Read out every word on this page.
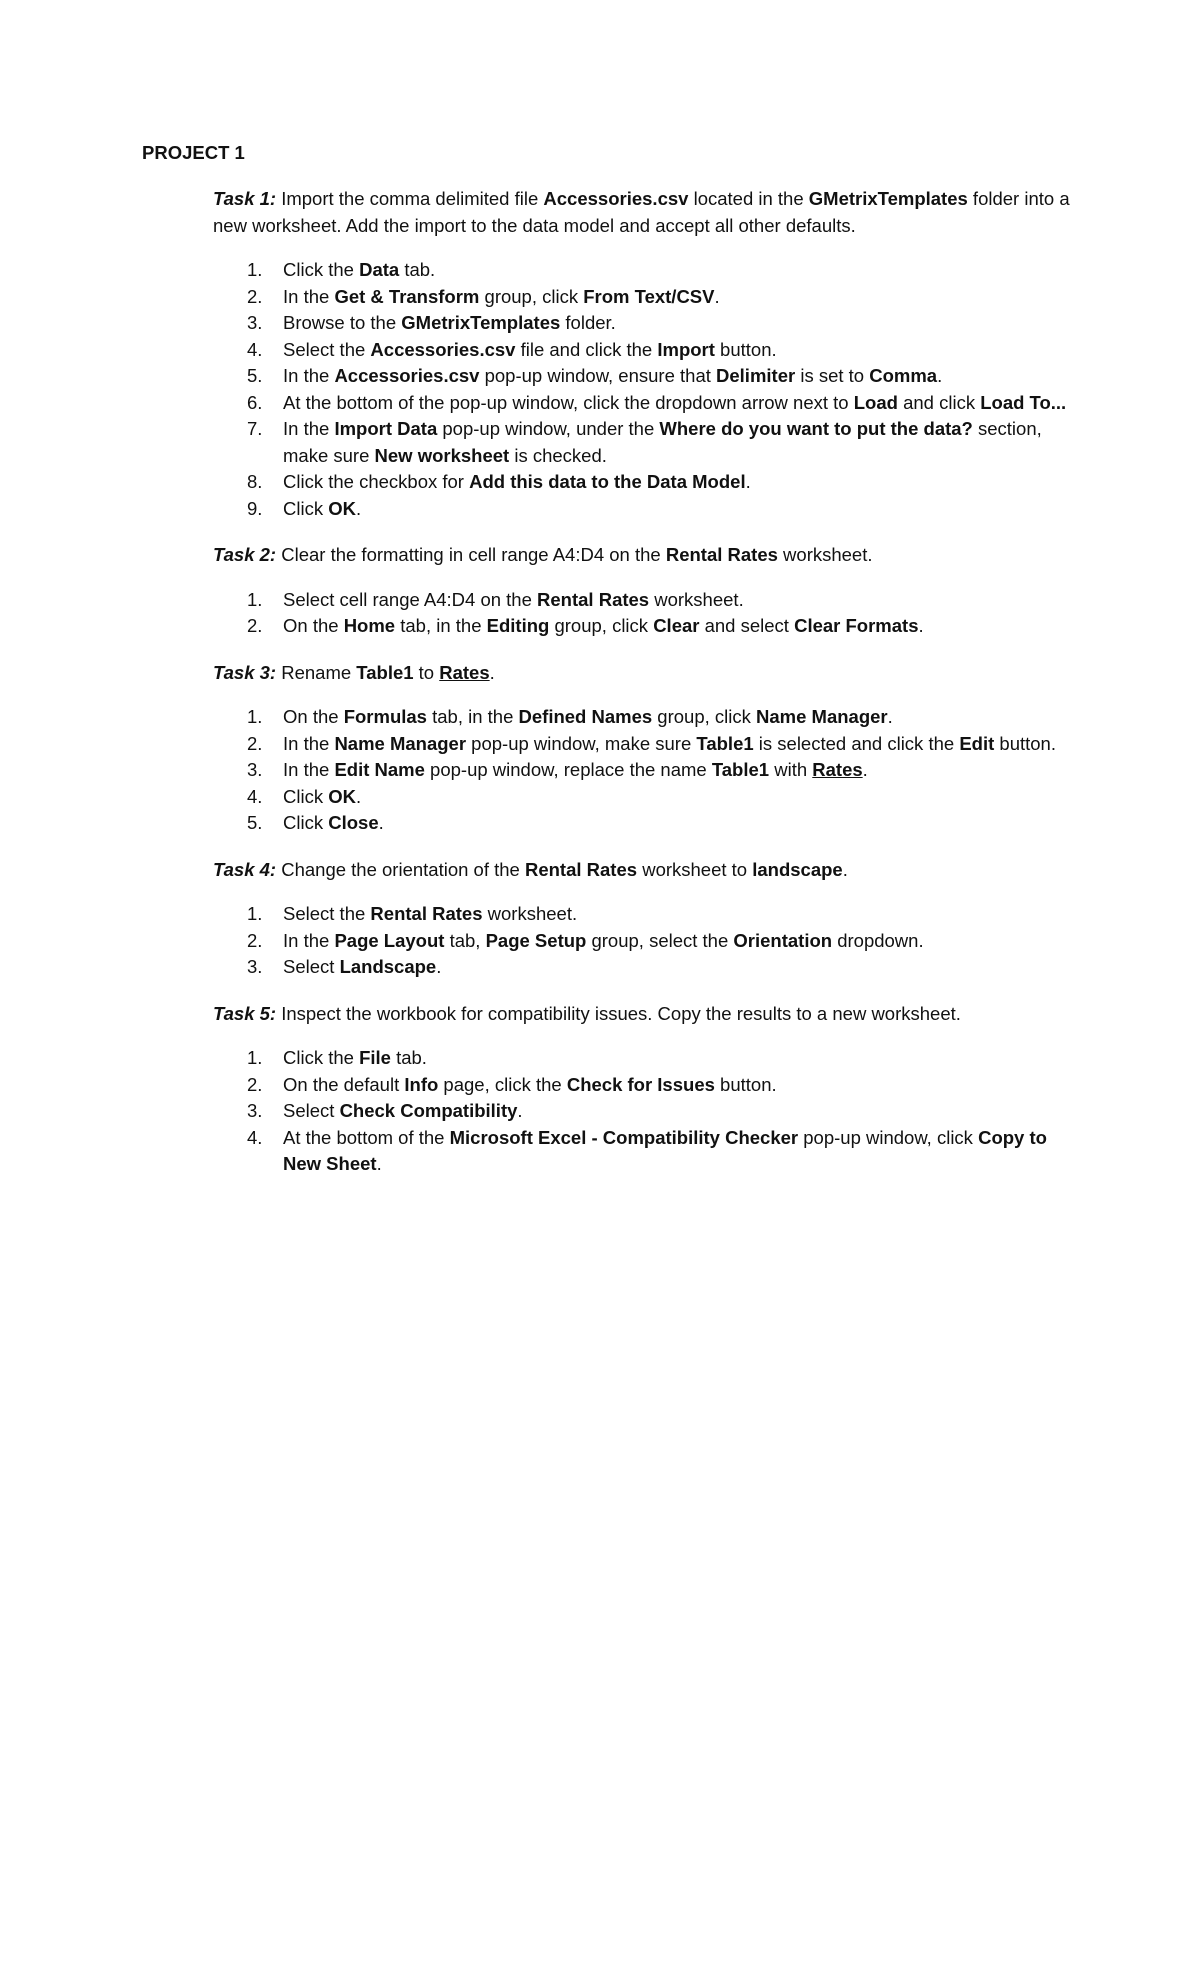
PROJECT 1

Task 1: Import the comma delimited file Accessories.csv located in the GMetrixTemplates folder into a new worksheet. Add the import to the data model and accept all other defaults.

1.	Click the Data tab.
2.	In the Get & Transform group, click From Text/CSV.
3.	Browse to the GMetrixTemplates folder.
4.	Select the Accessories.csv file and click the Import button.
5.	In the Accessories.csv pop-up window, ensure that Delimiter is set to Comma.
6.	At the bottom of the pop-up window, click the dropdown arrow next to Load and click Load To...
7.	In the Import Data pop-up window, under the Where do you want to put the data? section, make sure New worksheet is checked.
8.	Click the checkbox for Add this data to the Data Model.
9.	Click OK.

Task 2: Clear the formatting in cell range A4:D4 on the Rental Rates worksheet.

1.	Select cell range A4:D4 on the Rental Rates worksheet.
2.	On the Home tab, in the Editing group, click Clear and select Clear Formats.

Task 3: Rename Table1 to Rates.

1.	On the Formulas tab, in the Defined Names group, click Name Manager.
2.	In the Name Manager pop-up window, make sure Table1 is selected and click the Edit button.
3.	In the Edit Name pop-up window, replace the name Table1 with Rates.
4.	Click OK.
5.	Click Close.

Task 4: Change the orientation of the Rental Rates worksheet to landscape.

1.	Select the Rental Rates worksheet.
2.	In the Page Layout tab, Page Setup group, select the Orientation dropdown.
3.	Select Landscape.

Task 5: Inspect the workbook for compatibility issues. Copy the results to a new worksheet.

1.	Click the File tab.
2.	On the default Info page, click the Check for Issues button.
3.	Select Check Compatibility.
4.	At the bottom of the Microsoft Excel - Compatibility Checker pop-up window, click Copy to New Sheet.
